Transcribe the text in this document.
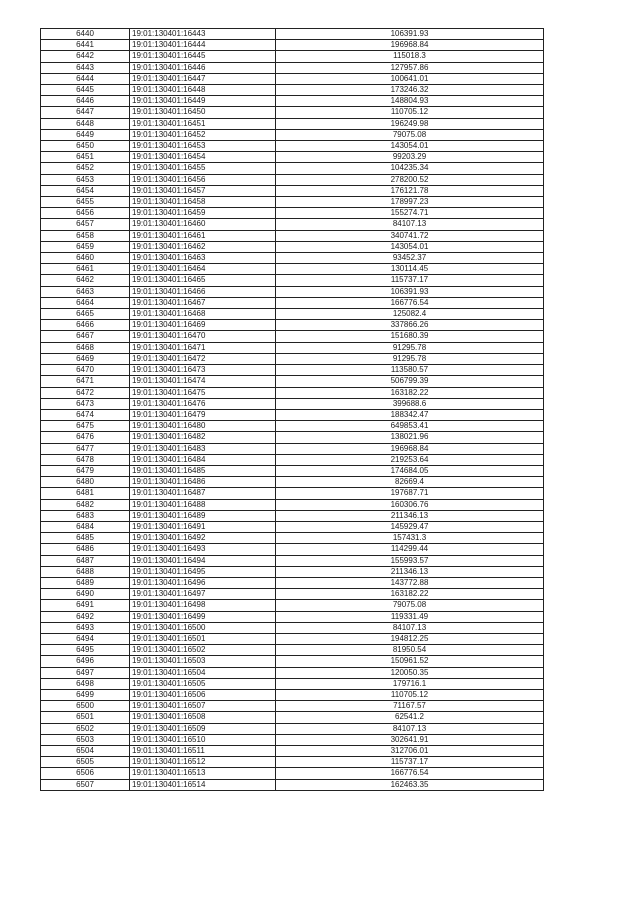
6440	19:01:130401:16443	106391.93
6441	19:01:130401:16444	196968.84
6442	19:01:130401:16445	115018.3
6443	19:01:130401:16446	127957.86
6444	19:01:130401:16447	100641.01
6445	19:01:130401:16448	173246.32
6446	19:01:130401:16449	148804.93
6447	19:01:130401:16450	110705.12
6448	19:01:130401:16451	196249.98
6449	19:01:130401:16452	79075.08
6450	19:01:130401:16453	143054.01
6451	19:01:130401:16454	99203.29
6452	19:01:130401:16455	104235.34
6453	19:01:130401:16456	278200.52
6454	19:01:130401:16457	176121.78
6455	19:01:130401:16458	178997.23
6456	19:01:130401:16459	155274.71
6457	19:01:130401:16460	84107.13
6458	19:01:130401:16461	340741.72
6459	19:01:130401:16462	143054.01
6460	19:01:130401:16463	93452.37
6461	19:01:130401:16464	130114.45
6462	19:01:130401:16465	115737.17
6463	19:01:130401:16466	106391.93
6464	19:01:130401:16467	166776.54
6465	19:01:130401:16468	125082.4
6466	19:01:130401:16469	337866.26
6467	19:01:130401:16470	151680.39
6468	19:01:130401:16471	91295.78
6469	19:01:130401:16472	91295.78
6470	19:01:130401:16473	113580.57
6471	19:01:130401:16474	506799.39
6472	19:01:130401:16475	163182.22
6473	19:01:130401:16476	399688.6
6474	19:01:130401:16479	188342.47
6475	19:01:130401:16480	649853.41
6476	19:01:130401:16482	138021.96
6477	19:01:130401:16483	196968.84
6478	19:01:130401:16484	219253.64
6479	19:01:130401:16485	174684.05
6480	19:01:130401:16486	82669.4
6481	19:01:130401:16487	197687.71
6482	19:01:130401:16488	160306.76
6483	19:01:130401:16489	211346.13
6484	19:01:130401:16491	145929.47
6485	19:01:130401:16492	157431.3
6486	19:01:130401:16493	114299.44
6487	19:01:130401:16494	155993.57
6488	19:01:130401:16495	211346.13
6489	19:01:130401:16496	143772.88
6490	19:01:130401:16497	163182.22
6491	19:01:130401:16498	79075.08
6492	19:01:130401:16499	119331.49
6493	19:01:130401:16500	84107.13
6494	19:01:130401:16501	194812.25
6495	19:01:130401:16502	81950.54
6496	19:01:130401:16503	150961.52
6497	19:01:130401:16504	120050.35
6498	19:01:130401:16505	179716.1
6499	19:01:130401:16506	110705.12
6500	19:01:130401:16507	71167.57
6501	19:01:130401:16508	62541.2
6502	19:01:130401:16509	84107.13
6503	19:01:130401:16510	302641.91
6504	19:01:130401:16511	312706.01
6505	19:01:130401:16512	115737.17
6506	19:01:130401:16513	166776.54
6507	19:01:130401:16514	162463.35
